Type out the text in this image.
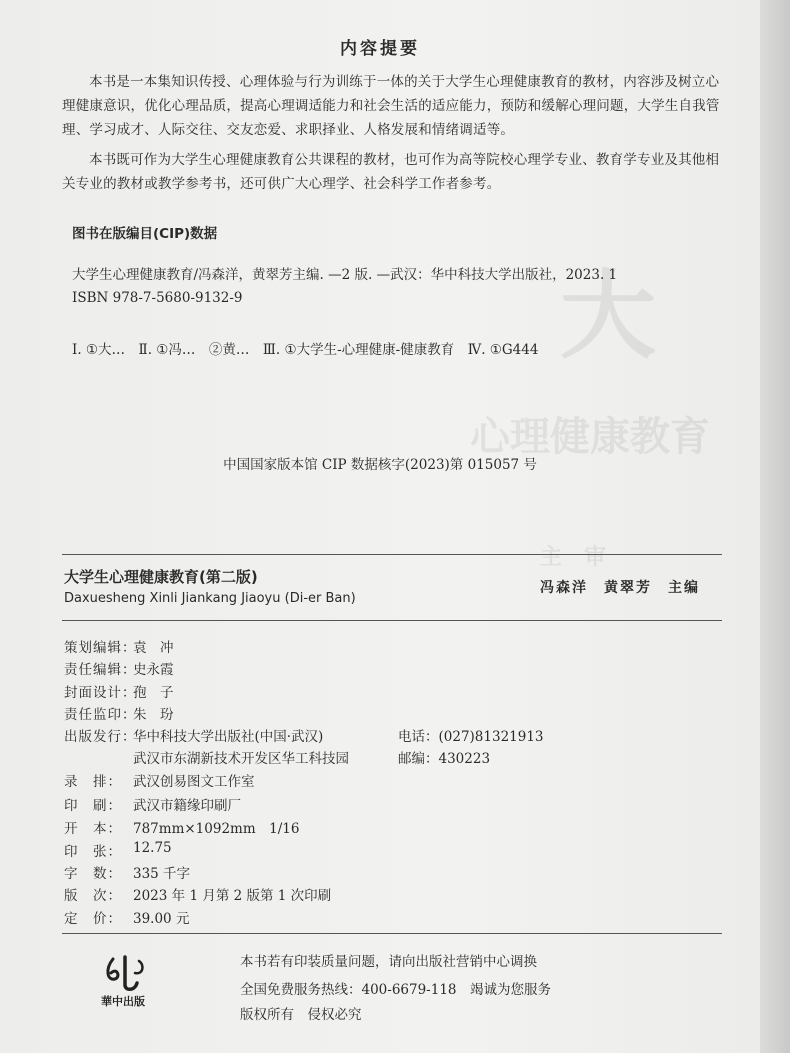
大
心理健康教育
主　审
内容提要
本书是一本集知识传授、心理体验与行为训练于一体的关于大学生心理健康教育的教材，内容涉及树立心理健康意识，优化心理品质，提高心理调适能力和社会生活的适应能力，预防和缓解心理问题，大学生自我管理、学习成才、人际交往、交友恋爱、求职择业、人格发展和情绪调适等。
本书既可作为大学生心理健康教育公共课程的教材，也可作为高等院校心理学专业、教育学专业及其他相关专业的教材或教学参考书，还可供广大心理学、社会科学工作者参考。
图书在版编目(CIP)数据
大学生心理健康教育/冯森洋，黄翠芳主编. —2 版. —武汉：华中科技大学出版社，2023. 1
ISBN 978-7-5680-9132-9
Ⅰ. ①大…　Ⅱ. ①冯…　②黄…　Ⅲ. ①大学生-心理健康-健康教育　Ⅳ. ①G444
中国国家版本馆 CIP 数据核字(2023)第 015057 号
大学生心理健康教育(第二版)
Daxuesheng Xinli Jiankang Jiaoyu (Di-er Ban)
冯森洋　黄翠芳　主编
策划编辑：
袁　冲
责任编辑：
史永霞
封面设计：
孢　子
责任监印：
朱　玢
出版发行：
华中科技大学出版社(中国·武汉)	电话：(027)81321913
武汉市东湖新技术开发区华工科技园	邮编：430223
录　排： 武汉创易图文工作室
印　刷： 武汉市籍缘印刷厂
开　本： 787mm×1092mm　1/16
印　张： 12.75
字　数： 335 千字
版　次： 2023 年 1 月第 2 版第 1 次印刷
定　价： 39.00 元
華中出版
本书若有印装质量问题，请向出版社营销中心调换
全国免费服务热线：400-6679-118　竭诚为您服务
版权所有　侵权必究
